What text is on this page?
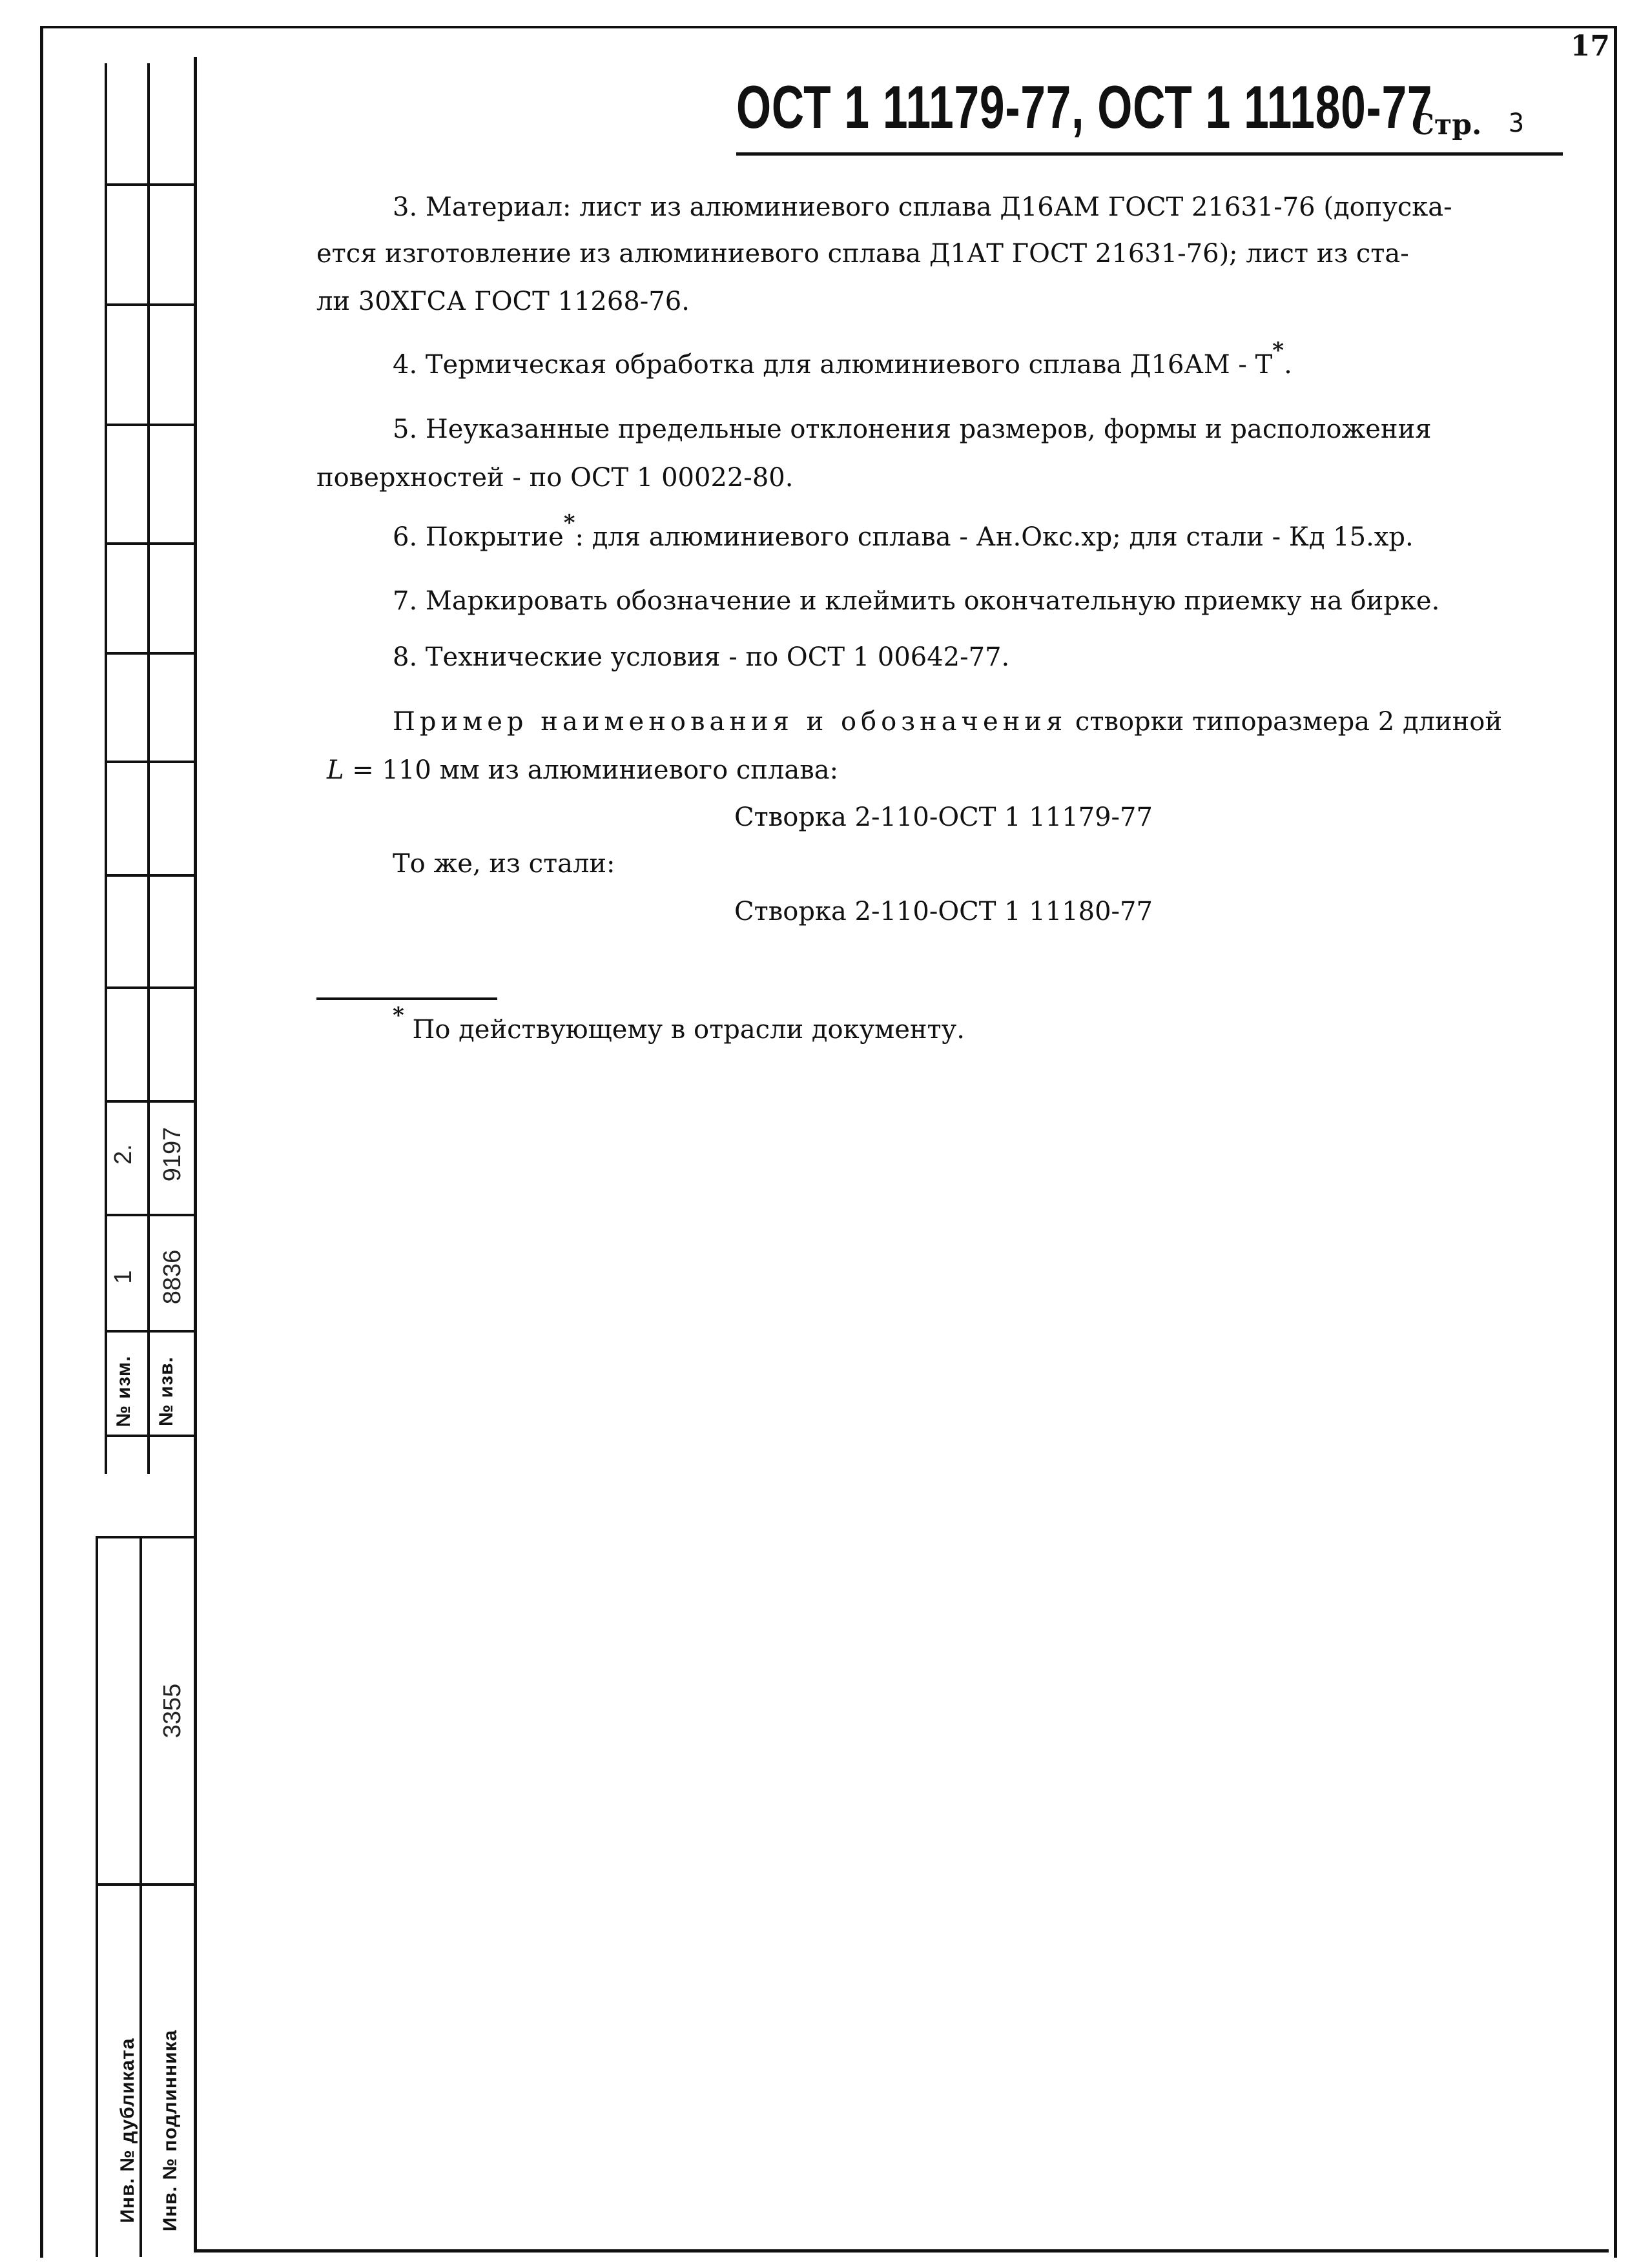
17
ОСТ 1 11179-77, ОСТ 1 11180-77
Стр. 3
3. Материал: лист из алюминиевого сплава Д16АМ ГОСТ 21631-76 (допуска-
ется изготовление из алюминиевого сплава Д1АТ ГОСТ 21631-76); лист из ста-
ли 30ХГСА ГОСТ 11268-76.
4. Термическая обработка для алюминиевого сплава Д16АМ - Т*.
5. Неуказанные предельные отклонения размеров, формы и расположения
поверхностей - по ОСТ 1 00022-80.
6. Покрытие*: для алюминиевого сплава - Ан.Окс.хр; для стали - Кд 15.хр.
7. Маркировать обозначение и клеймить окончательную приемку на бирке.
8. Технические условия - по ОСТ 1 00642-77.
Пример наименования и обозначения створки типоразмера 2 длиной
L = 110 мм из алюминиевого сплава:
Створка 2-110-ОСТ 1 11179-77
То же, из стали:
Створка 2-110-ОСТ 1 11180-77
* По действующему в отрасли документу.
2. 9197
1 8836
№ изм.	№ изв.
3355
Инв. № дубликата	Инв. № подлинника
